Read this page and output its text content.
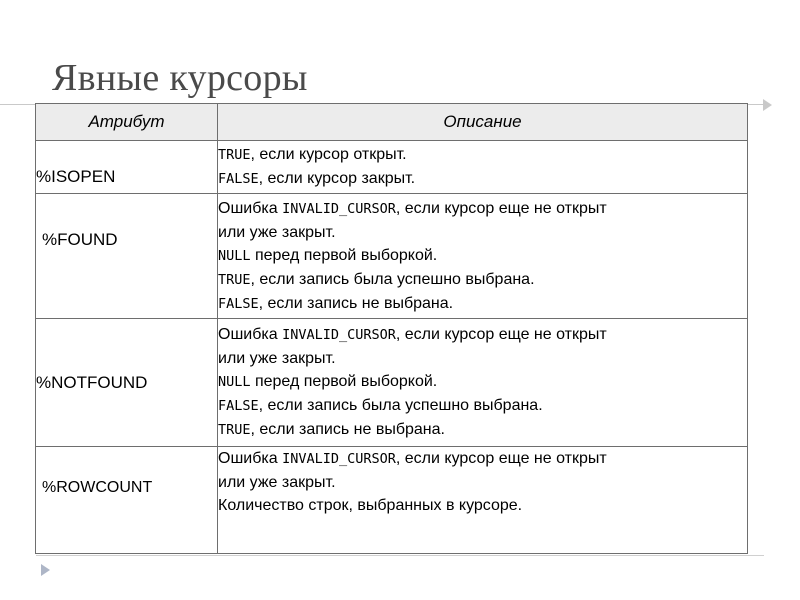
Явные курсоры
Атрибут	Описание

%ISOPEN	TRUE, если курсор открыт.
FALSE, если курсор закрыт.

%FOUND	Ошибка INVALID_CURSOR, если курсор еще не открыт
или уже закрыт.
NULL перед первой выборкой.
TRUE, если запись была успешно выбрана.
FALSE, если запись не выбрана.

%NOTFOUND	Ошибка INVALID_CURSOR, если курсор еще не открыт
или уже закрыт.
NULL перед первой выборкой.
FALSE, если запись была успешно выбрана.
TRUE, если запись не выбрана.

%ROWCOUNT	Ошибка INVALID_CURSOR, если курсор еще не открыт
или уже закрыт.
Количество строк, выбранных в курсоре.
